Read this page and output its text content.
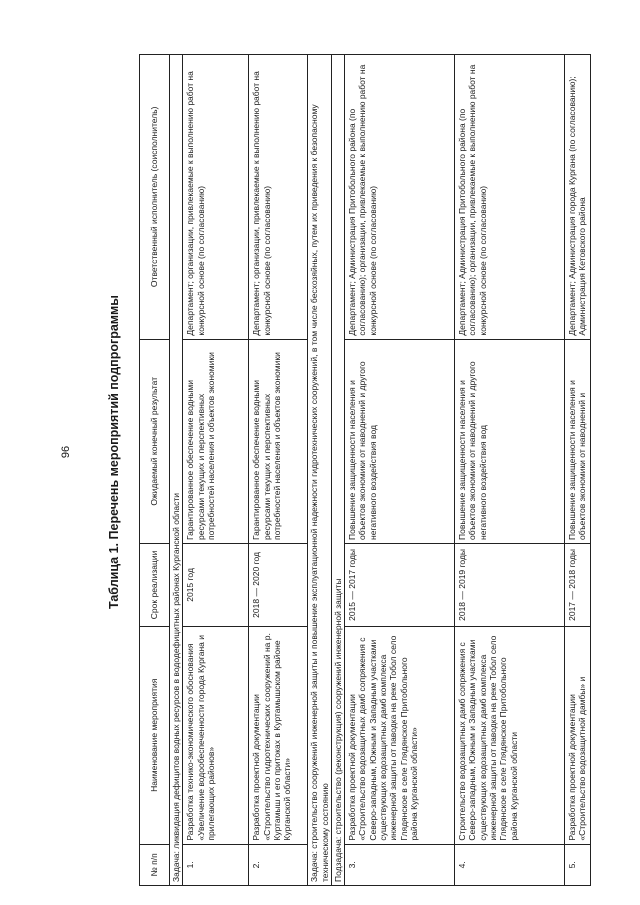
96	Таблица 1. Перечень мероприятий подпрограммы
№ п/п	Наименование мероприятия	Срок реализации	Ожидаемый конечный результат	Ответственный исполнитель (соисполнитель)
Задача: ликвидация дефицитов водных ресурсов в вододефицитных районах Курганской области				
1.	Разработка технико-экономического обоснования «Увеличение водообеспеченности города Кургана и прилегающих районов»	2015 год	Гарантированное обеспечение водными ресурсами текущих и перспективных потребностей населения и объектов экономики	Департамент; организации, привлекаемые к выполнению работ на конкурсной основе (по согласованию)
2.	Разработка проектной документации «Строительство гидротехнических сооружений на р. Куртамыш и его притоках в Куртамышском районе Курганской области»	2018 — 2020 год	Гарантированное обеспечение водными ресурсами текущих и перспективных потребностей населения и объектов экономики	Департамент; организации, привлекаемые к выполнению работ на конкурсной основе (по согласованию)
Задача: строительство сооружений инженерной защиты и повышение эксплуатационной надежности гидротехнических сооружений, в том числе бесхозяйных, путем их приведения к безопасному техническому состоянию				
Подзадача: строительство (реконструкция) сооружений инженерной защиты				
3.	Разработка проектной документации «Строительство водозащитных дамб сопряжения с Северо-западным, Южным и Западным участками существующих водозащитных дамб комплекса инженерной защиты от паводка на реке Тобол село Глядянское в селе Глядянское Притобольного района Курганской области»	2015 — 2017 годы	Повышение защищенности населения и объектов экономики от наводнений и другого негативного воздействия вод	Департамент; Администрация Притобольного района (по согласованию); организации, привлекаемые к выполнению работ на конкурсной основе (по согласованию)
4.	Строительство водозащитных дамб сопряжения с Северо-западным, Южным и Западным участками существующих водозащитных дамб комплекса инженерной защиты от паводка на реке Тобол село Глядянское в селе Глядянское Притобольного района Курганской области	2018 — 2019 годы	Повышение защищенности населения и объектов экономики от наводнений и другого негативного воздействия вод	Департамент; Администрация Притобольного района (по согласованию); организации, привлекаемые к выполнению работ на конкурсной основе (по согласованию)
5.	Разработка проектной документации «Строительство водозащитной дамбы» и	2017 — 2018 годы	Повышение защищенности населения и объектов экономики от наводнений и	Департамент; Администрация города Кургана (по согласованию); Администрация Кетовского района
